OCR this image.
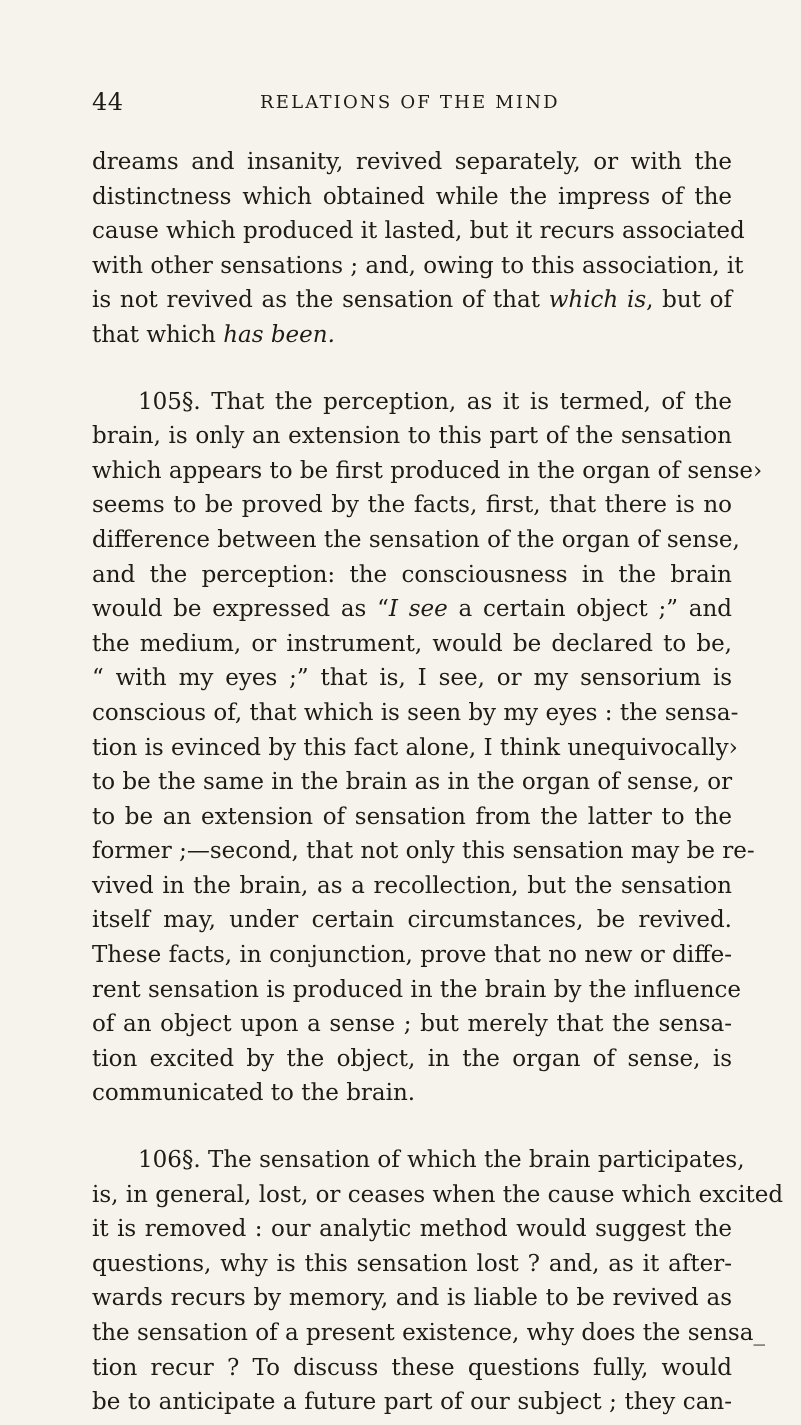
44	RELATIONS OF THE MIND
dreams and insanity, revived separately, or with the
distinctness which obtained while the impress of the
cause which produced it lasted, but it recurs associated
with other sensations ; and, owing to this association, it
is not revived as the sensation of that which is, but of
that which has been.
105§. That the perception, as it is termed, of the
brain, is only an extension to this part of the sensation
which appears to be first produced in the organ of sense›
seems to be proved by the facts, first, that there is no
difference between the sensation of the organ of sense,
and the perception: the consciousness in the brain
would be expressed as “I see a certain object ;” and
the medium, or instrument, would be declared to be,
“ with my eyes ;” that is, I see, or my sensorium is
conscious of, that which is seen by my eyes : the sensa-
tion is evinced by this fact alone, I think unequivocally›
to be the same in the brain as in the organ of sense, or
to be an extension of sensation from the latter to the
former ;—second, that not only this sensation may be re-
vived in the brain, as a recollection, but the sensation
itself may, under certain circumstances, be revived.
These facts, in conjunction, prove that no new or diffe-
rent sensation is produced in the brain by the influence
of an object upon a sense ; but merely that the sensa-
tion excited by the object, in the organ of sense, is
communicated to the brain.
106§. The sensation of which the brain participates,
is, in general, lost, or ceases when the cause which excited
it is removed : our analytic method would suggest the
questions, why is this sensation lost ? and, as it after-
wards recurs by memory, and is liable to be revived as
the sensation of a present existence, why does the sensa_
tion recur ? To discuss these questions fully, would
be to anticipate a future part of our subject ; they can-
